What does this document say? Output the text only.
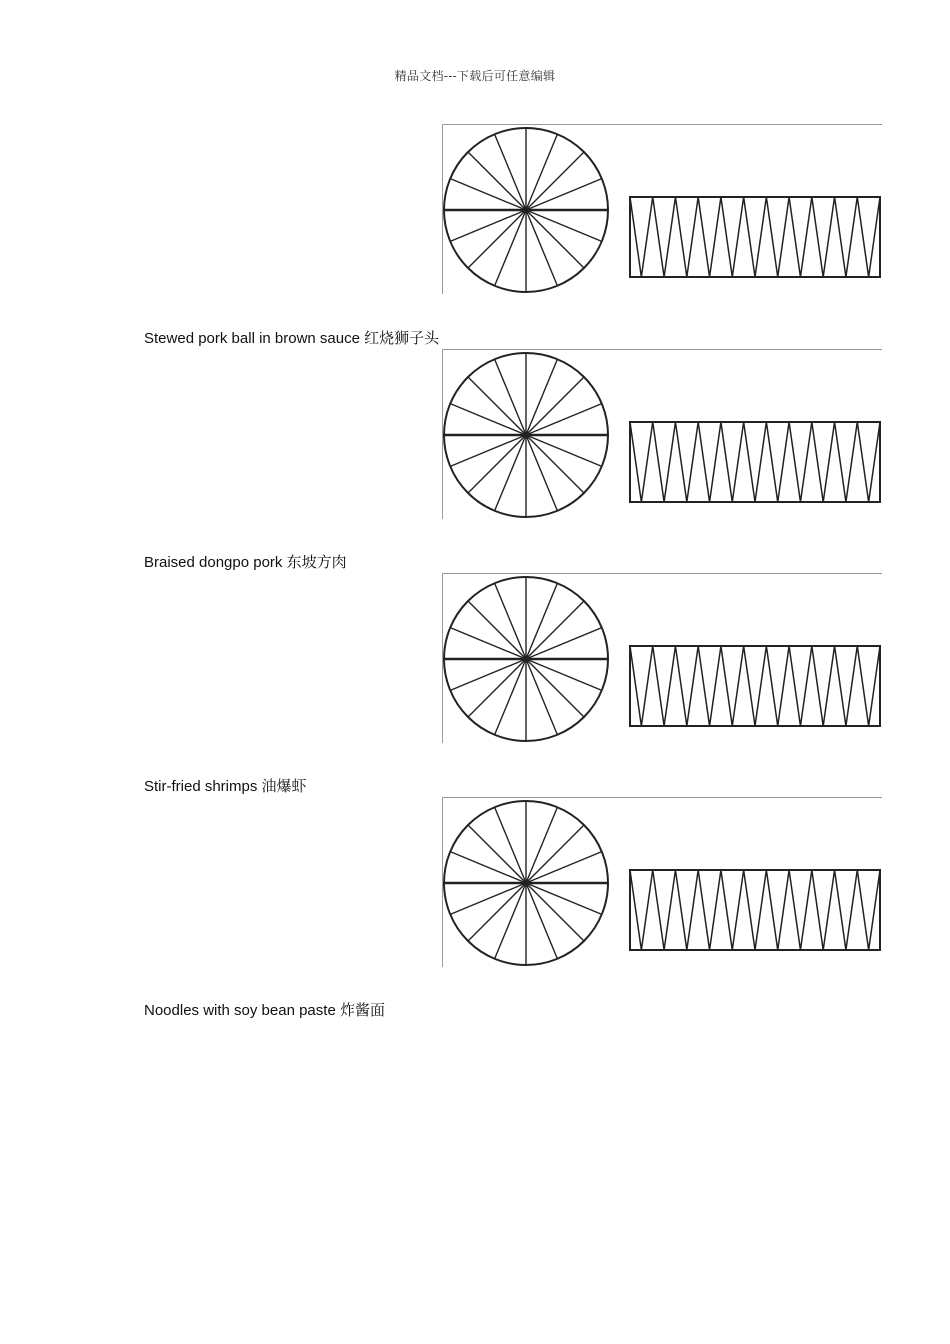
精品文档---下载后可任意编辑
Stewed pork ball in brown sauce 红烧狮子头
Braised dongpo pork 东坡方肉
Stir-fried shrimps 油爆虾
Noodles with soy bean paste 炸酱面
